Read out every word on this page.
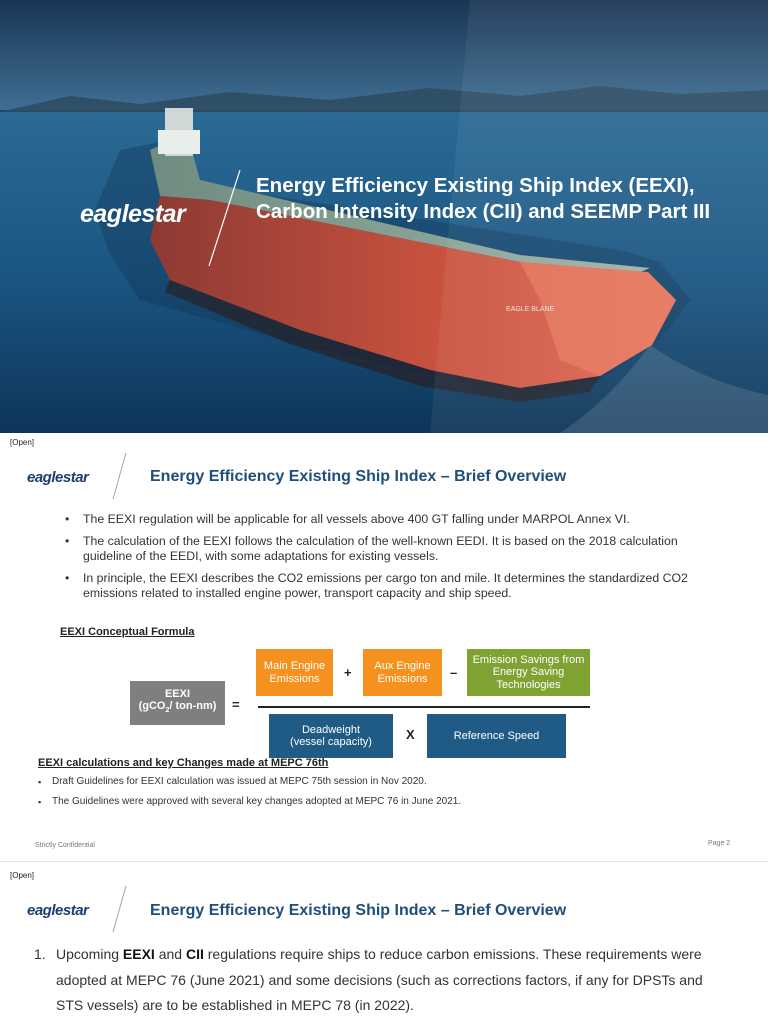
EAGLE BLANE
eaglestar
Energy Efficiency Existing Ship Index (EEXI), Carbon Intensity Index (CII) and SEEMP Part III
[Open]
eaglestar	Energy Efficiency Existing Ship Index – Brief Overview
• The EEXI regulation will be applicable for all vessels above 400 GT falling under MARPOL Annex VI.
• The calculation of the EEXI follows the calculation of the well-known EEDI. It is based on the 2018 calculation guideline of the EEDI, with some adaptations for existing vessels.
• In principle, the EEXI describes the CO2 emissions per cargo ton and mile. It determines the standardized CO2 emissions related to installed engine power, transport capacity and ship speed.
EEXI Conceptual Formula
EEXI
(gCO$_2$/ ton-nm) =
Main Engine Emissions	+	Aux Engine Emissions	–
Emission Savings from Energy Saving Technologies
Deadweight
(vessel capacity)	X	Reference Speed
EEXI calculations and key Changes made at MEPC 76th
▪ Draft Guidelines for EEXI calculation was issued at MEPC 75th session in Nov 2020.
▪ The Guidelines were approved with several key changes adopted at MEPC 76 in June 2021.
Strictly Confidential	Page 2
[Open]
eaglestar	Energy Efficiency Existing Ship Index – Brief Overview
1. Upcoming EEXI and CII regulations require ships to reduce carbon emissions. These requirements were adopted at MEPC 76 (June 2021) and some decisions (such as corrections factors, if any for DPSTs and STS vessels) are to be established in MEPC 78 (in 2022).
